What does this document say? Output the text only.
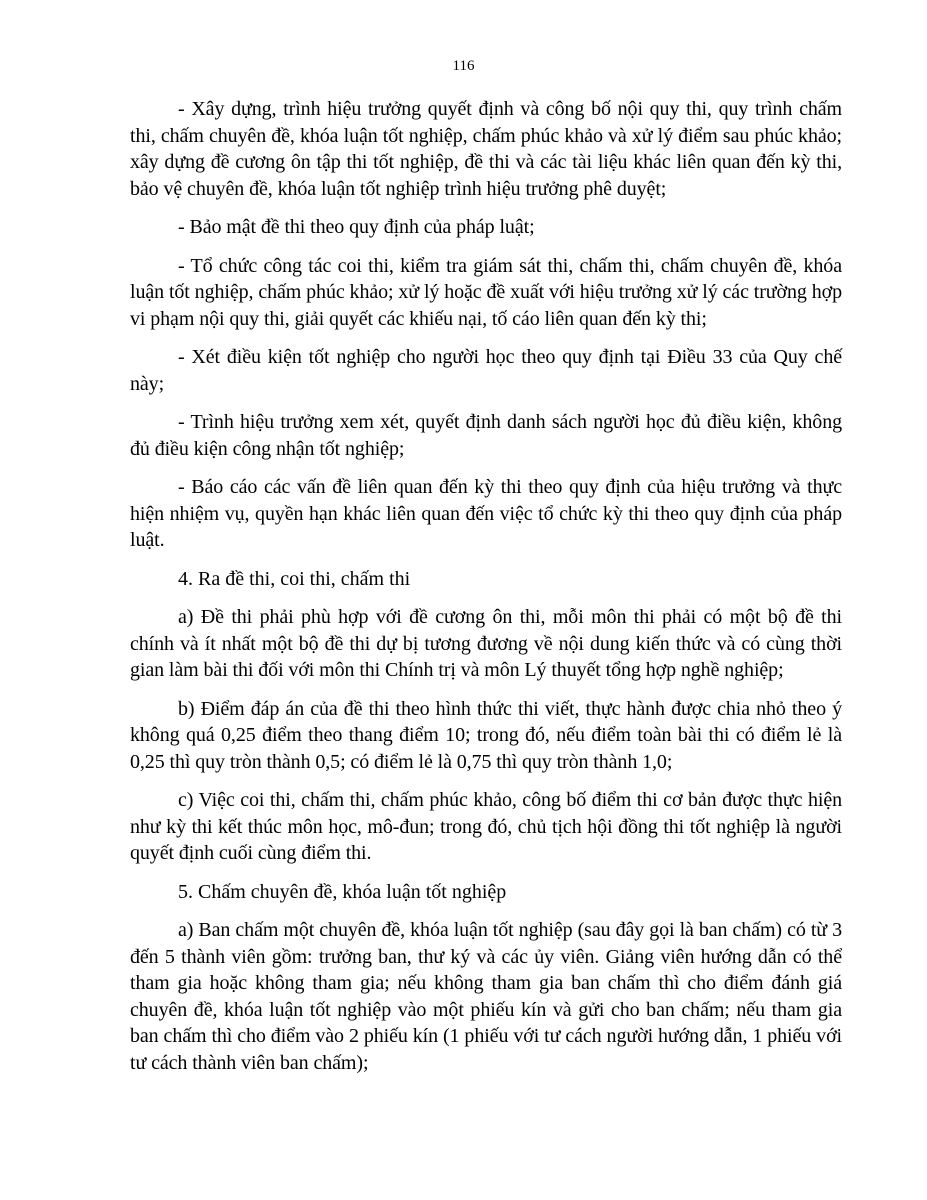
116

- Xây dựng, trình hiệu trưởng quyết định và công bố nội quy thi, quy trình chấm thi, chấm chuyên đề, khóa luận tốt nghiệp, chấm phúc khảo và xử lý điểm sau phúc khảo; xây dựng đề cương ôn tập thi tốt nghiệp, đề thi và các tài liệu khác liên quan đến kỳ thi, bảo vệ chuyên đề, khóa luận tốt nghiệp trình hiệu trưởng phê duyệt;

- Bảo mật đề thi theo quy định của pháp luật;

- Tổ chức công tác coi thi, kiểm tra giám sát thi, chấm thi, chấm chuyên đề, khóa luận tốt nghiệp, chấm phúc khảo; xử lý hoặc đề xuất với hiệu trưởng xử lý các trường hợp vi phạm nội quy thi, giải quyết các khiếu nại, tố cáo liên quan đến kỳ thi;

- Xét điều kiện tốt nghiệp cho người học theo quy định tại Điều 33 của Quy chế này;

- Trình hiệu trưởng xem xét, quyết định danh sách người học đủ điều kiện, không đủ điều kiện công nhận tốt nghiệp;

- Báo cáo các vấn đề liên quan đến kỳ thi theo quy định của hiệu trưởng và thực hiện nhiệm vụ, quyền hạn khác liên quan đến việc tổ chức kỳ thi theo quy định của pháp luật.

4. Ra đề thi, coi thi, chấm thi

a) Đề thi phải phù hợp với đề cương ôn thi, mỗi môn thi phải có một bộ đề thi chính và ít nhất một bộ đề thi dự bị tương đương về nội dung kiến thức và có cùng thời gian làm bài thi đối với môn thi Chính trị và môn Lý thuyết tổng hợp nghề nghiệp;

b) Điểm đáp án của đề thi theo hình thức thi viết, thực hành được chia nhỏ theo ý không quá 0,25 điểm theo thang điểm 10; trong đó, nếu điểm toàn bài thi có điểm lẻ là 0,25 thì quy tròn thành 0,5; có điểm lẻ là 0,75 thì quy tròn thành 1,0;

c) Việc coi thi, chấm thi, chấm phúc khảo, công bố điểm thi cơ bản được thực hiện như kỳ thi kết thúc môn học, mô-đun; trong đó, chủ tịch hội đồng thi tốt nghiệp là người quyết định cuối cùng điểm thi.

5. Chấm chuyên đề, khóa luận tốt nghiệp

a) Ban chấm một chuyên đề, khóa luận tốt nghiệp (sau đây gọi là ban chấm) có từ 3 đến 5 thành viên gồm: trưởng ban, thư ký và các ủy viên. Giảng viên hướng dẫn có thể tham gia hoặc không tham gia; nếu không tham gia ban chấm thì cho điểm đánh giá chuyên đề, khóa luận tốt nghiệp vào một phiếu kín và gửi cho ban chấm; nếu tham gia ban chấm thì cho điểm vào 2 phiếu kín (1 phiếu với tư cách người hướng dẫn, 1 phiếu với tư cách thành viên ban chấm);
